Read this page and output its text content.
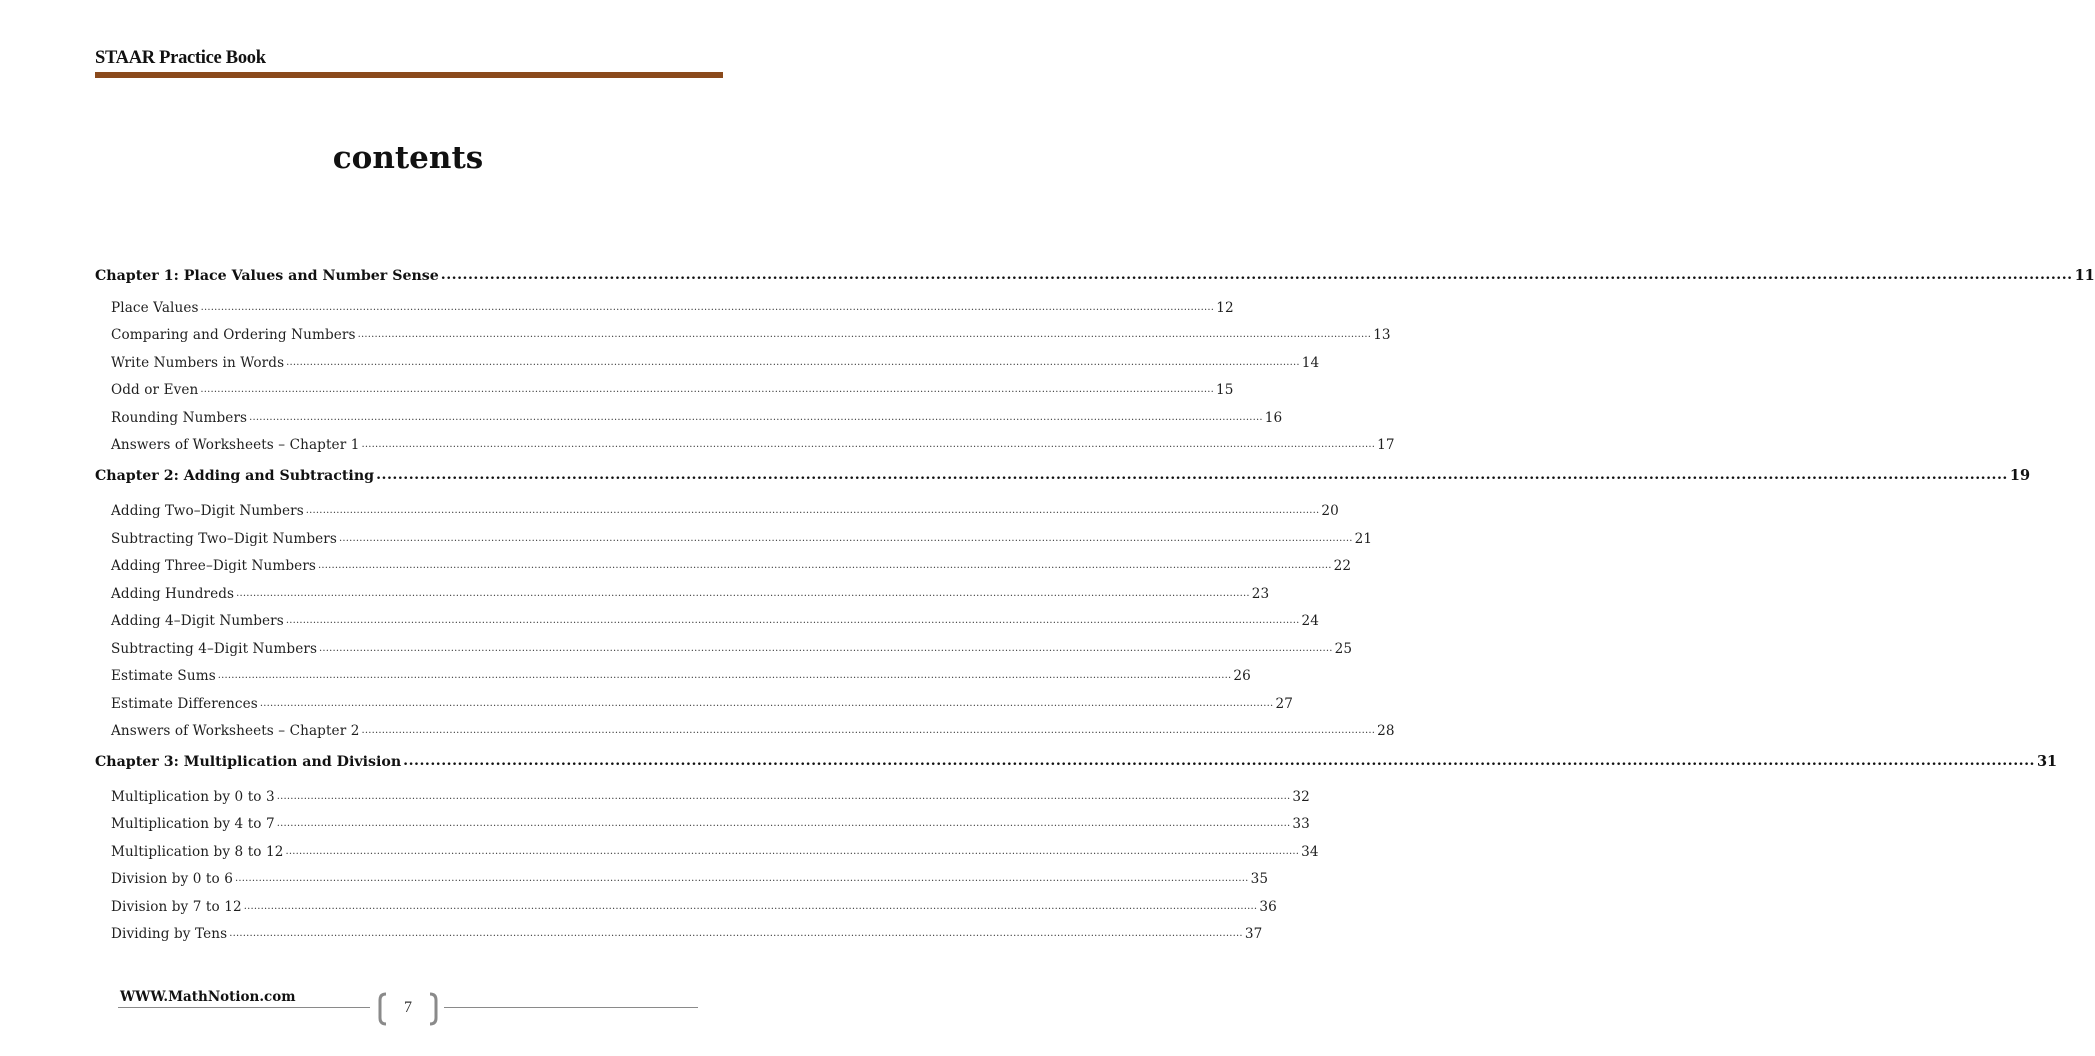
STAAR Practice Book
contents
Chapter 1: Place Values and Number Sense ............................................................................................................................................................................................................................................................................................................ 11
Place Values ............................................................................................................................................................................................................................................................................................................ 12
Comparing and Ordering Numbers ............................................................................................................................................................................................................................................................................................................ 13
Write Numbers in Words ............................................................................................................................................................................................................................................................................................................ 14
Odd or Even ............................................................................................................................................................................................................................................................................................................ 15
Rounding Numbers ............................................................................................................................................................................................................................................................................................................ 16
Answers of Worksheets – Chapter 1 ............................................................................................................................................................................................................................................................................................................ 17
Chapter 2: Adding and Subtracting ............................................................................................................................................................................................................................................................................................................ 19
Adding Two–Digit Numbers ............................................................................................................................................................................................................................................................................................................ 20
Subtracting Two–Digit Numbers ............................................................................................................................................................................................................................................................................................................ 21
Adding Three–Digit Numbers ............................................................................................................................................................................................................................................................................................................ 22
Adding Hundreds ............................................................................................................................................................................................................................................................................................................ 23
Adding 4–Digit Numbers ............................................................................................................................................................................................................................................................................................................ 24
Subtracting 4–Digit Numbers ............................................................................................................................................................................................................................................................................................................ 25
Estimate Sums ............................................................................................................................................................................................................................................................................................................ 26
Estimate Differences ............................................................................................................................................................................................................................................................................................................ 27
Answers of Worksheets – Chapter 2 ............................................................................................................................................................................................................................................................................................................ 28
Chapter 3: Multiplication and Division ............................................................................................................................................................................................................................................................................................................ 31
Multiplication by 0 to 3 ............................................................................................................................................................................................................................................................................................................ 32
Multiplication by 4 to 7 ............................................................................................................................................................................................................................................................................................................ 33
Multiplication by 8 to 12 ............................................................................................................................................................................................................................................................................................................ 34
Division by 0 to 6 ............................................................................................................................................................................................................................................................................................................ 35
Division by 7 to 12 ............................................................................................................................................................................................................................................................................................................ 36
Dividing by Tens ............................................................................................................................................................................................................................................................................................................ 37
WWW.MathNotion.com
7
